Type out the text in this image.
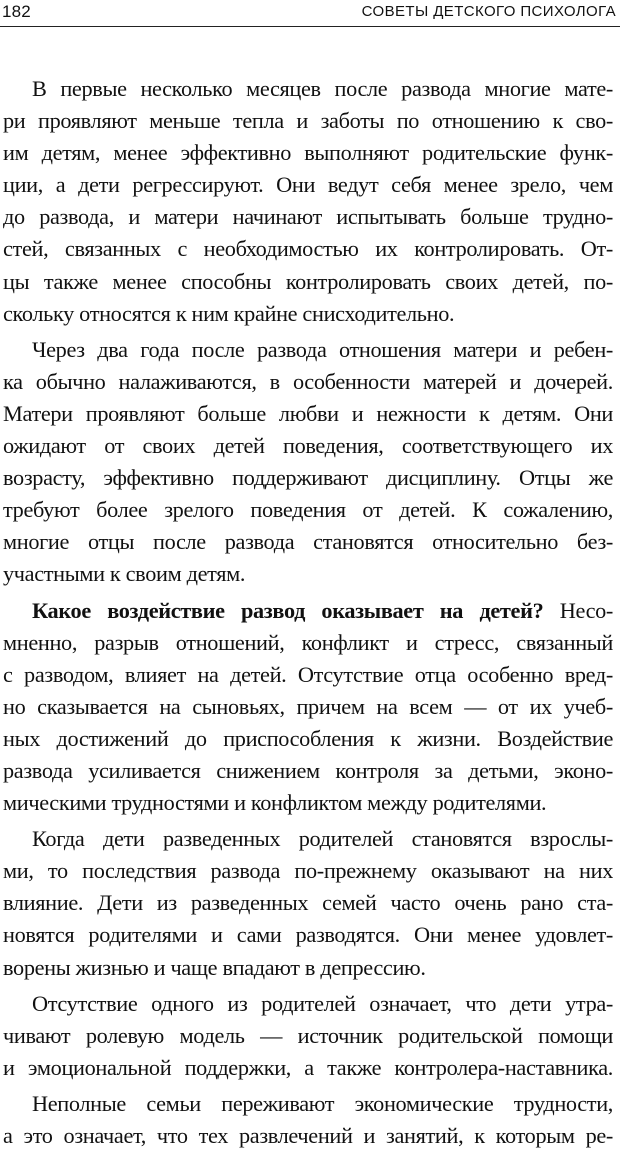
182	СОВЕТЫ ДЕТСКОГО ПСИХОЛОГА
В первые несколько месяцев после развода многие мате-
ри проявляют меньше тепла и заботы по отношению к сво-
им детям, менее эффективно выполняют родительские функ-
ции, а дети регрессируют. Они ведут себя менее зрело, чем
до развода, и матери начинают испытывать больше трудно-
стей, связанных с необходимостью их контролировать. От-
цы также менее способны контролировать своих детей, по-
скольку относятся к ним крайне снисходительно.
Через два года после развода отношения матери и ребен-
ка обычно налаживаются, в особенности матерей и дочерей.
Матери проявляют больше любви и нежности к детям. Они
ожидают от своих детей поведения, соответствующего их
возрасту, эффективно поддерживают дисциплину. Отцы же
требуют более зрелого поведения от детей. К сожалению,
многие отцы после развода становятся относительно без-
участными к своим детям.
Какое воздействие развод оказывает на детей? Несо-
мненно, разрыв отношений, конфликт и стресс, связанный
с разводом, влияет на детей. Отсутствие отца особенно вред-
но сказывается на сыновьях, причем на всем — от их учеб-
ных достижений до приспособления к жизни. Воздействие
развода усиливается снижением контроля за детьми, эконо-
мическими трудностями и конфликтом между родителями.
Когда дети разведенных родителей становятся взрослы-
ми, то последствия развода по-прежнему оказывают на них
влияние. Дети из разведенных семей часто очень рано ста-
новятся родителями и сами разводятся. Они менее удовлет-
ворены жизнью и чаще впадают в депрессию.
Отсутствие одного из родителей означает, что дети утра-
чивают ролевую модель — источник родительской помощи
и эмоциональной поддержки, а также контролера-наставника.
Неполные семьи переживают экономические трудности,
а это означает, что тех развлечений и занятий, к которым ре-
